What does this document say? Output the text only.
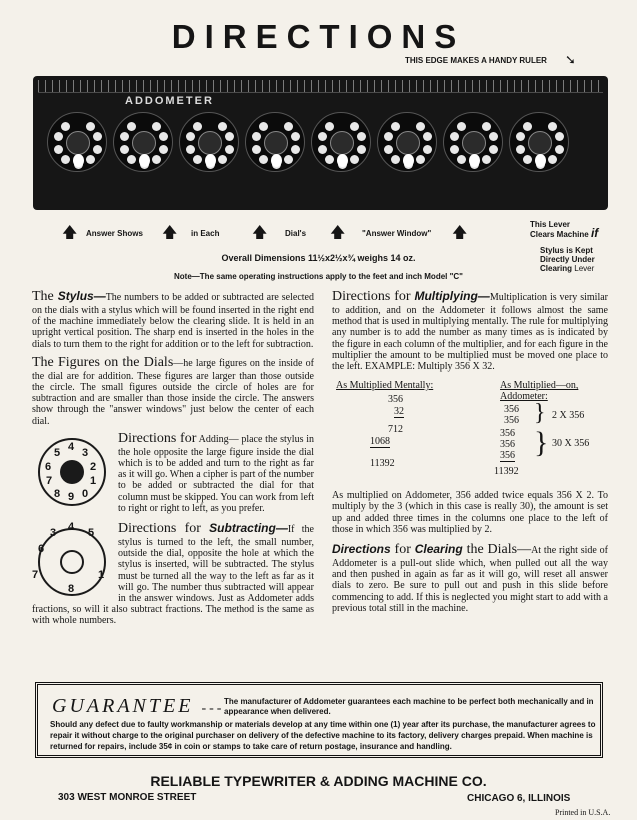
DIRECTIONS
THIS EDGE MAKES A HANDY RULER ➘
ADDOMETER
🡅 Answer Shows 🡅 in Each 🡅 Dial's 🡅 "Answer Window" 🡅
This Lever
Clears Machine if
Stylus is Kept
Directly Under
Clearing Lever
Overall Dimensions 11½x2½x¾ weighs 14 oz.
Note—The same operating instructions apply to the feet and inch Model "C"
The Stylus—The numbers to be added or subtracted are selected on the dials with a stylus which will be found inserted in the right end of the machine immediately below the clearing slide. It is held in an upright vertical position. The sharp end is inserted in the holes in the dials to turn them to the right for addition or to the left for subtraction.
The Figures on the Dials—he large figures on the inside of the dial are for addition. These figures are larger than those outside the circle. The small figures outside the circle of holes are for subtraction and are smaller than those inside the circle. The answers show through the "answer windows" just below the center of each dial.
4 3
2
5
6
7
8 9 0
1
Directions for Adding— place the stylus in the hole opposite the large figure inside the dial which is to be added and turn to the right as far as it will go. When a cipher is part of the number to be added or subtracted the dial for that column must be skipped. You can work from left to right or right to left, as you prefer.
4 5
3
6
7
8
1
Directions for Subtracting—If the stylus is turned to the left, the small number, outside the dial, opposite the hole at which the stylus is inserted, will be subtracted. The stylus must be turned all the way to the left as far as it will go. The number thus subtracted will appear in the answer windows. Just as Addometer adds fractions, so will it also subtract fractions. The method is the same as with whole numbers.
Directions for Multiplying—Multiplication is very similar to addition, and on the Addometer it follows almost the same method that is used in multiplying mentally. The rule for multiplying any number is to add the number as many times as is indicated by the figure in each column of the multiplier, and for each figure in the multiplier the amount to be multiplied must be moved one place to the left. EXAMPLE: Multiply 356 X 32.
As Multiplied Mentally:	As Multiplied—on, Addometer:
356
32
712
1068
11392
356
356
356
356
356
11392
} 2 X 356
} 30 X 356
As multiplied on Addometer, 356 added twice equals 356 X 2. To multiply by the 3 (which in this case is really 30), the amount is set up and added three times in the columns one place to the left of those in which 356 was multiplied by 2.
Directions for Clearing the Dials—At the right side of Addometer is a pull-out slide which, when pulled out all the way and then pushed in again as far as it will go, will reset all answer dials to zero. Be sure to pull out and push in this slide before commencing to add. If this is neglected you might start to add with a previous total still in the machine.
GUARANTEE --- The manufacturer of Addometer guarantees each machine to be perfect both mechanically and in appearance when delivered.
Should any defect due to faulty workmanship or materials develop at any time within one (1) year after its purchase, the manufacturer agrees to repair it without charge to the original purchaser on delivery of the defective machine to its factory, delivery charges prepaid. When machine is returned for repairs, include 35¢ in coin or stamps to take care of return postage, insurance and handling.
RELIABLE TYPEWRITER & ADDING MACHINE CO.
303 WEST MONROE STREET	CHICAGO 6, ILLINOIS
Printed in U.S.A.
